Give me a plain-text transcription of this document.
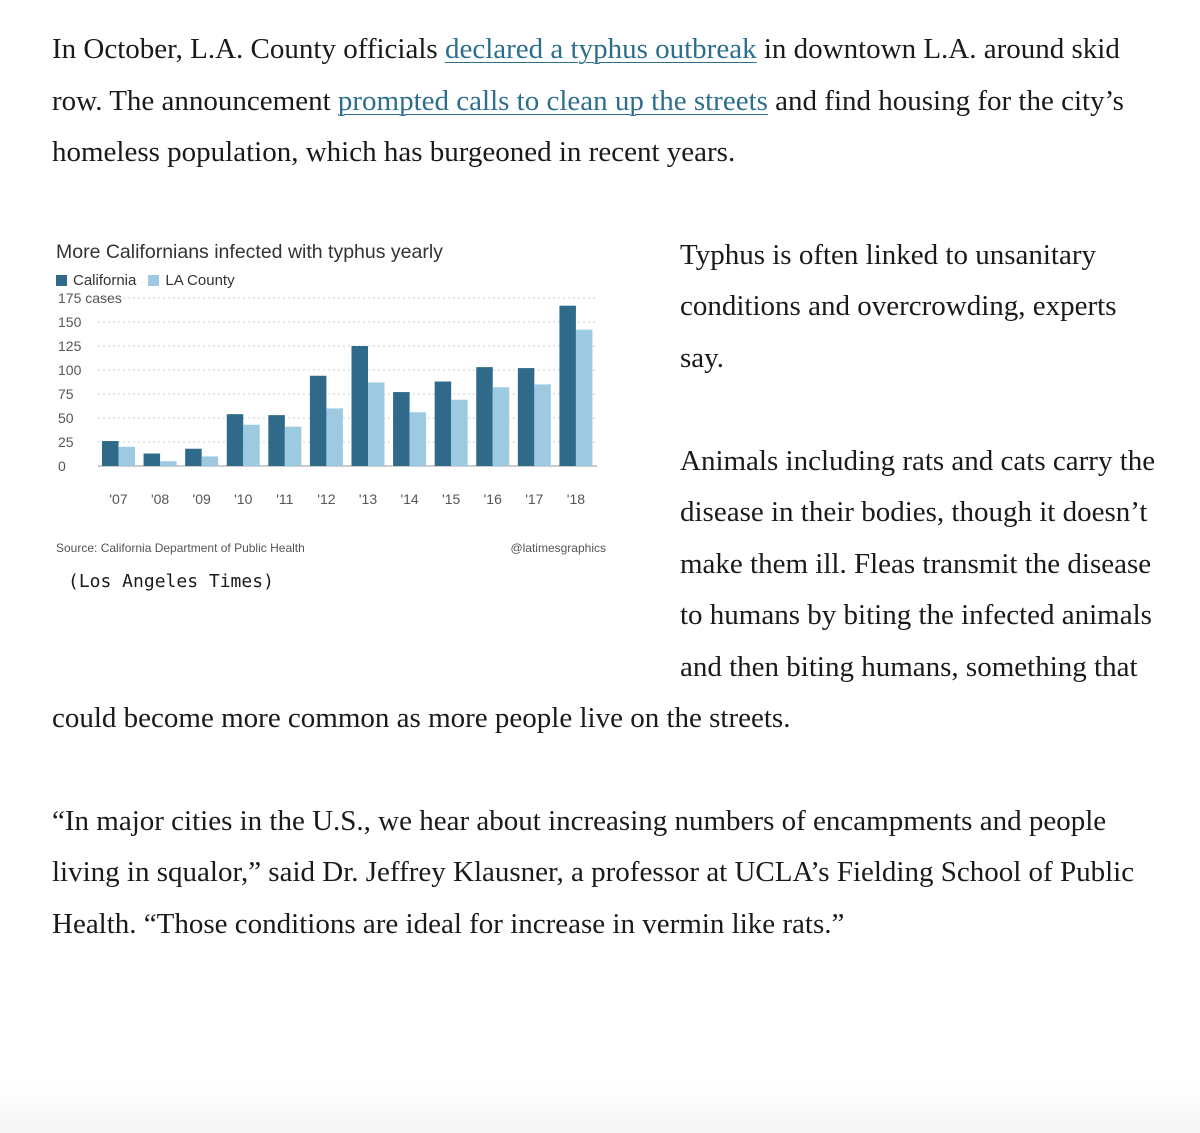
In October, L.A. County officials declared a typhus outbreak in downtown L.A. around skid row. The announcement prompted calls to clean up the streets and find housing for the city’s homeless population, which has burgeoned in recent years.

More Californians infected with typhus yearly

California LA County
0
25
50
75
100
125
150
175 cases
'07 '08 '09 '10 '11 '12 '13 '14 '15 '16 '17 '18
Source: California Department of Public Health	@latimesgraphics
(Los Angeles Times)

Typhus is often linked to unsanitary conditions and overcrowding, experts say.

Animals including rats and cats carry the disease in their bodies, though it doesn’t make them ill. Fleas transmit the disease to humans by biting the infected animals and then biting humans, something that could become more common as more people live on the streets.

“In major cities in the U.S., we hear about increasing numbers of encampments and people living in squalor,” said Dr. Jeffrey Klausner, a professor at UCLA’s Fielding School of Public Health. “Those conditions are ideal for increase in vermin like rats.”
